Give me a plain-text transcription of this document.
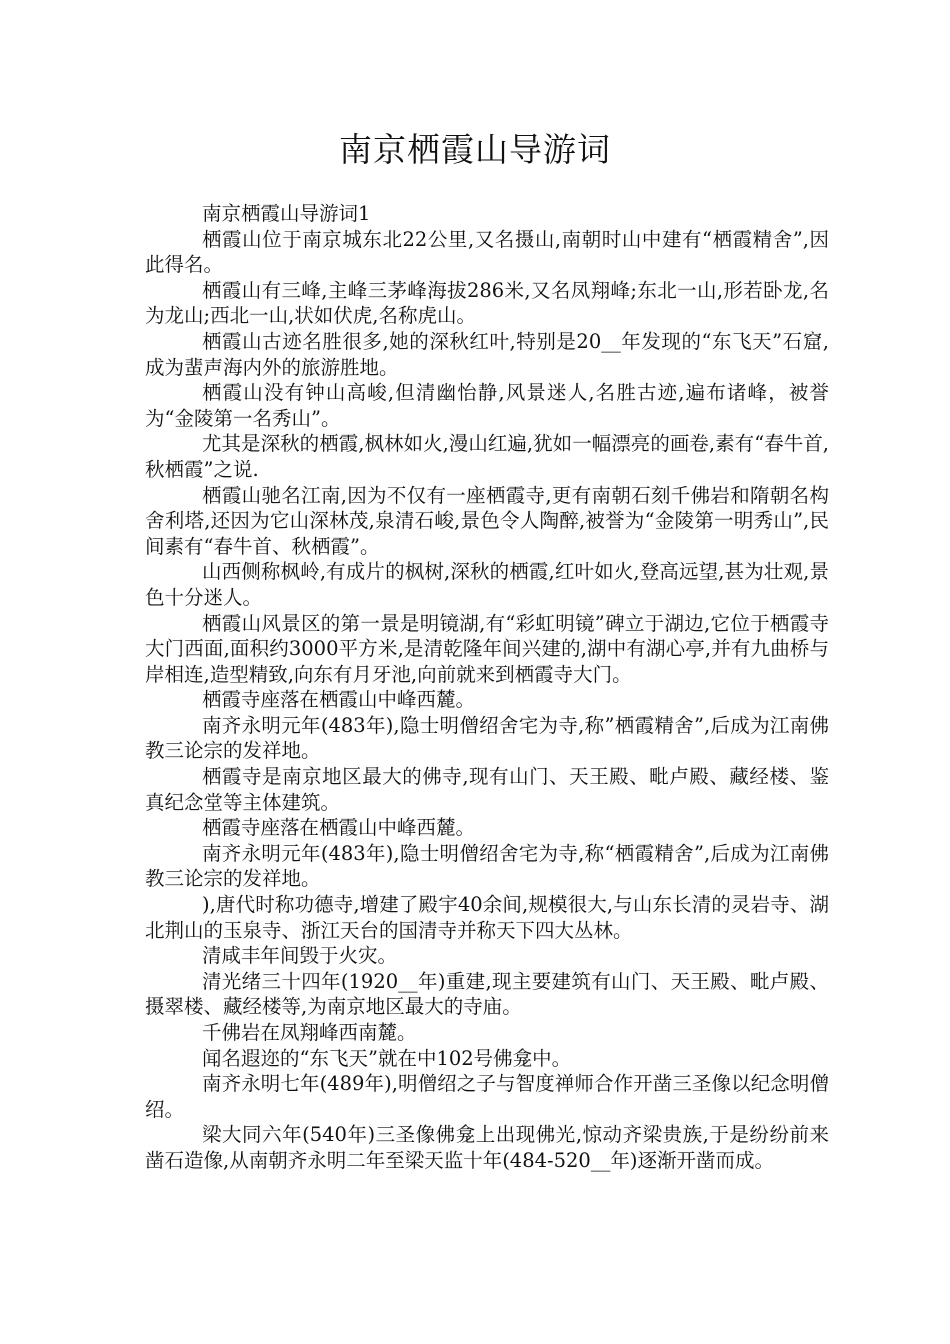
南京栖霞山导游词

南京栖霞山导游词1

栖霞山位于南京城东北22公里,又名摄山,南朝时山中建有“栖霞精舍”,因此得名。

栖霞山有三峰,主峰三茅峰海拔286米,又名凤翔峰;东北一山,形若卧龙,名为龙山;西北一山,状如伏虎,名称虎山。

栖霞山古迹名胜很多,她的深秋红叶,特别是20__年发现的“东飞天”石窟,成为蜚声海内外的旅游胜地。

栖霞山没有钟山高峻,但清幽怡静,风景迷人,名胜古迹,遍布诸峰，被誉为“金陵第一名秀山”。

尤其是深秋的栖霞,枫林如火,漫山红遍,犹如一幅漂亮的画卷,素有“春牛首,秋栖霞”之说.

栖霞山驰名江南,因为不仅有一座栖霞寺,更有南朝石刻千佛岩和隋朝名构舍利塔,还因为它山深林茂,泉清石峻,景色令人陶醉,被誉为“金陵第一明秀山”,民间素有“春牛首、秋栖霞”。

山西侧称枫岭,有成片的枫树,深秋的栖霞,红叶如火,登高远望,甚为壮观,景色十分迷人。

栖霞山风景区的第一景是明镜湖,有“彩虹明镜”碑立于湖边,它位于栖霞寺大门西面,面积约3000平方米,是清乾隆年间兴建的,湖中有湖心亭,并有九曲桥与岸相连,造型精致,向东有月牙池,向前就来到栖霞寺大门。

栖霞寺座落在栖霞山中峰西麓。

南齐永明元年(483年),隐士明僧绍舍宅为寺,称”栖霞精舍”,后成为江南佛教三论宗的发祥地。

栖霞寺是南京地区最大的佛寺,现有山门、天王殿、毗卢殿、藏经楼、鉴真纪念堂等主体建筑。

栖霞寺座落在栖霞山中峰西麓。

南齐永明元年(483年),隐士明僧绍舍宅为寺,称“栖霞精舍”,后成为江南佛教三论宗的发祥地。

),唐代时称功德寺,增建了殿宇40余间,规模很大,与山东长清的灵岩寺、湖北荆山的玉泉寺、浙江天台的国清寺并称天下四大丛林。

清咸丰年间毁于火灾。

清光绪三十四年(1920__年)重建,现主要建筑有山门、天王殿、毗卢殿、摄翠楼、藏经楼等,为南京地区最大的寺庙。

千佛岩在凤翔峰西南麓。

闻名遐迩的“东飞天”就在中102号佛龛中。

南齐永明七年(489年),明僧绍之子与智度禅师合作开凿三圣像以纪念明僧绍。

梁大同六年(540年)三圣像佛龛上出现佛光,惊动齐梁贵族,于是纷纷前来凿石造像,从南朝齐永明二年至梁天监十年(484-520__年)逐渐开凿而成。
